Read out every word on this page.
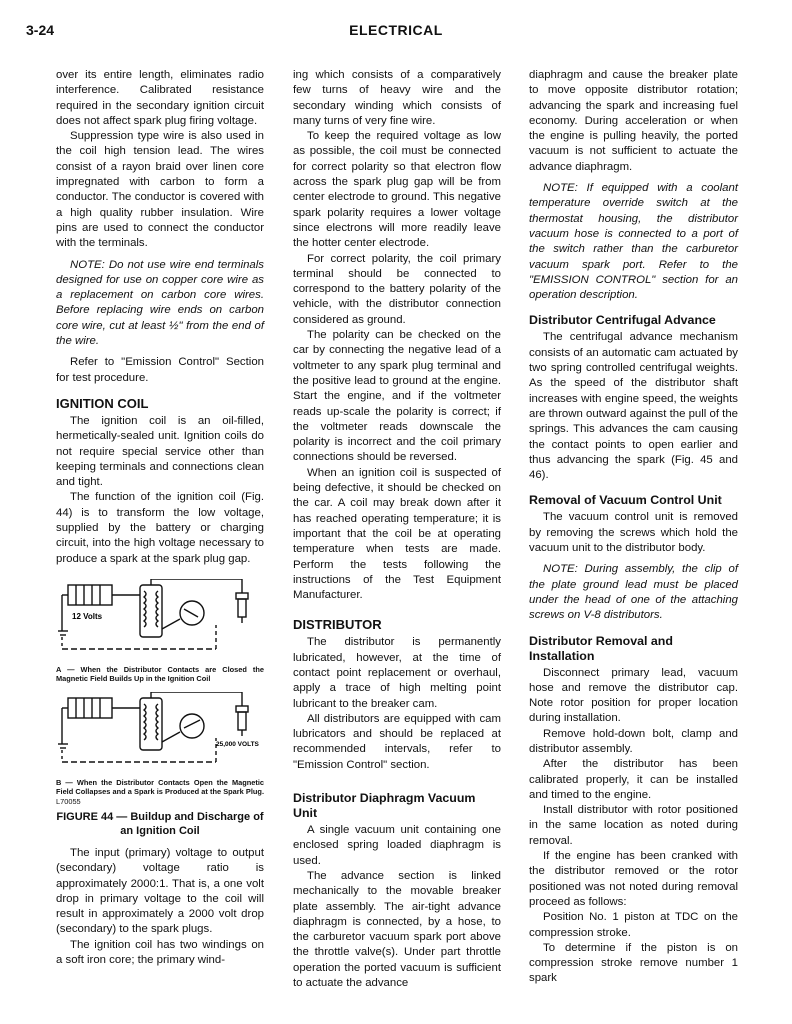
3-24	ELECTRICAL

over its entire length, eliminates radio interference. Calibrated resistance required in the secondary ignition circuit does not affect spark plug firing voltage.

Suppression type wire is also used in the coil high tension lead. The wires consist of a rayon braid over linen core impregnated with carbon to form a conductor. The conductor is covered with a high quality rubber insulation. Wire pins are used to connect the conductor with the terminals.

NOTE: Do not use wire end terminals designed for use on copper core wire as a replacement on carbon core wires. Before replacing wire ends on carbon core wire, cut at least ½" from the end of the wire.

Refer to "Emission Control" Section for test procedure.

IGNITION COIL

The ignition coil is an oil-filled, hermetically-sealed unit. Ignition coils do not require special service other than keeping terminals and connections clean and tight.

The function of the ignition coil (Fig. 44) is to transform the low voltage, supplied by the battery or charging circuit, into the high voltage necessary to produce a spark at the spark plug gap.

12 Volts

A — When the Distributor Contacts are Closed the Magnetic Field Builds Up in the Ignition Coil

25,000 VOLTS

B — When the Distributor Contacts Open the Magnetic Field Collapses and a Spark is Produced at the Spark Plug. L70055

FIGURE 44 — Buildup and Discharge of an Ignition Coil

The input (primary) voltage to output (secondary) voltage ratio is approximately 2000:1. That is, a one volt drop in primary voltage to the coil will result in approximately a 2000 volt drop (secondary) to the spark plugs.

The ignition coil has two windings on a soft iron core; the primary wind-

ing which consists of a comparatively few turns of heavy wire and the secondary winding which consists of many turns of very fine wire.

To keep the required voltage as low as possible, the coil must be connected for correct polarity so that electron flow across the spark plug gap will be from center electrode to ground. This negative spark polarity requires a lower voltage since electrons will more readily leave the hotter center electrode.

For correct polarity, the coil primary terminal should be connected to correspond to the battery polarity of the vehicle, with the distributor connection considered as ground.

The polarity can be checked on the car by connecting the negative lead of a voltmeter to any spark plug terminal and the positive lead to ground at the engine. Start the engine, and if the voltmeter reads up-scale the polarity is correct; if the voltmeter reads downscale the polarity is incorrect and the coil primary connections should be reversed.

When an ignition coil is suspected of being defective, it should be checked on the car. A coil may break down after it has reached operating temperature; it is important that the coil be at operating temperature when tests are made. Perform the tests following the instructions of the Test Equipment Manufacturer.

DISTRIBUTOR

The distributor is permanently lubricated, however, at the time of contact point replacement or overhaul, apply a trace of high melting point lubricant to the breaker cam.

All distributors are equipped with cam lubricators and should be replaced at recommended intervals, refer to "Emission Control" section.

Distributor Diaphragm Vacuum Unit

A single vacuum unit containing one enclosed spring loaded diaphragm is used.

The advance section is linked mechanically to the movable breaker plate assembly. The air-tight advance diaphragm is connected, by a hose, to the carburetor vacuum spark port above the throttle valve(s). Under part throttle operation the ported vacuum is sufficient to actuate the advance

diaphragm and cause the breaker plate to move opposite distributor rotation; advancing the spark and increasing fuel economy. During acceleration or when the engine is pulling heavily, the ported vacuum is not sufficient to actuate the advance diaphragm.

NOTE: If equipped with a coolant temperature override switch at the thermostat housing, the distributor vacuum hose is connected to a port of the switch rather than the carburetor vacuum spark port. Refer to the "EMISSION CONTROL" section for an operation description.

Distributor Centrifugal Advance

The centrifugal advance mechanism consists of an automatic cam actuated by two spring controlled centrifugal weights. As the speed of the distributor shaft increases with engine speed, the weights are thrown outward against the pull of the springs. This advances the cam causing the contact points to open earlier and thus advancing the spark (Fig. 45 and 46).

Removal of Vacuum Control Unit

The vacuum control unit is removed by removing the screws which hold the vacuum unit to the distributor body.

NOTE: During assembly, the clip of the plate ground lead must be placed under the head of one of the attaching screws on V-8 distributors.

Distributor Removal and Installation

Disconnect primary lead, vacuum hose and remove the distributor cap. Note rotor position for proper location during installation.

Remove hold-down bolt, clamp and distributor assembly.

After the distributor has been calibrated properly, it can be installed and timed to the engine.

Install distributor with rotor positioned in the same location as noted during removal.

If the engine has been cranked with the distributor removed or the rotor positioned was not noted during removal proceed as follows:

Position No. 1 piston at TDC on the compression stroke.

To determine if the piston is on compression stroke remove number 1 spark
